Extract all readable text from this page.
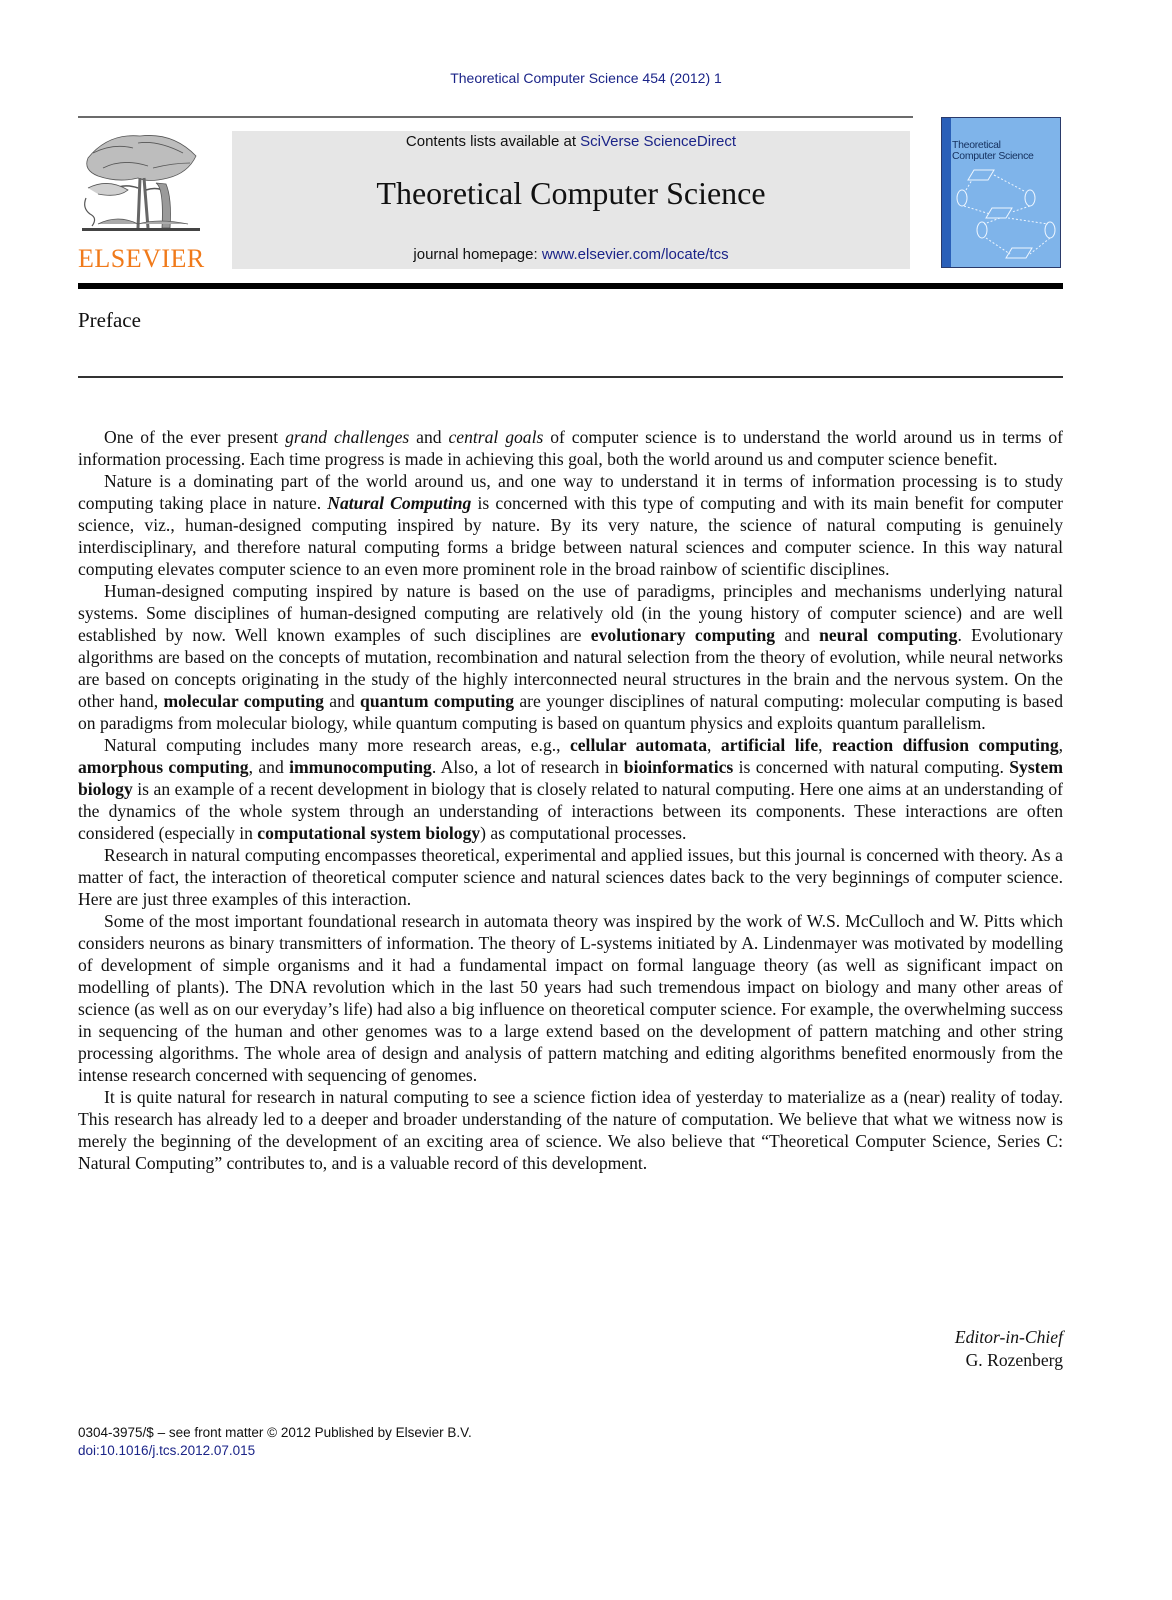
Theoretical Computer Science 454 (2012) 1
ELSEVIER
Contents lists available at SciVerse ScienceDirect
Theoretical Computer Science
journal homepage: www.elsevier.com/locate/tcs
Theoretical
Computer Science
Preface

One of the ever present grand challenges and central goals of computer science is to understand the world around us in terms of information processing. Each time progress is made in achieving this goal, both the world around us and computer science benefit.

Nature is a dominating part of the world around us, and one way to understand it in terms of information processing is to study computing taking place in nature. Natural Computing is concerned with this type of computing and with its main benefit for computer science, viz., human-designed computing inspired by nature. By its very nature, the science of natural computing is genuinely interdisciplinary, and therefore natural computing forms a bridge between natural sciences and computer science. In this way natural computing elevates computer science to an even more prominent role in the broad rainbow of scientific disciplines.

Human-designed computing inspired by nature is based on the use of paradigms, principles and mechanisms underlying natural systems. Some disciplines of human-designed computing are relatively old (in the young history of computer science) and are well established by now. Well known examples of such disciplines are evolutionary computing and neural computing. Evolutionary algorithms are based on the concepts of mutation, recombination and natural selection from the theory of evolution, while neural networks are based on concepts originating in the study of the highly interconnected neural structures in the brain and the nervous system. On the other hand, molecular computing and quantum computing are younger disciplines of natural computing: molecular computing is based on paradigms from molecular biology, while quantum computing is based on quantum physics and exploits quantum parallelism.

Natural computing includes many more research areas, e.g., cellular automata, artificial life, reaction diffusion computing, amorphous computing, and immunocomputing. Also, a lot of research in bioinformatics is concerned with natural computing. System biology is an example of a recent development in biology that is closely related to natural computing. Here one aims at an understanding of the dynamics of the whole system through an understanding of interactions between its components. These interactions are often considered (especially in computational system biology) as computational processes.

Research in natural computing encompasses theoretical, experimental and applied issues, but this journal is concerned with theory. As a matter of fact, the interaction of theoretical computer science and natural sciences dates back to the very beginnings of computer science. Here are just three examples of this interaction.

Some of the most important foundational research in automata theory was inspired by the work of W.S. McCulloch and W. Pitts which considers neurons as binary transmitters of information. The theory of L-systems initiated by A. Lindenmayer was motivated by modelling of development of simple organisms and it had a fundamental impact on formal language theory (as well as significant impact on modelling of plants). The DNA revolution which in the last 50 years had such tremendous impact on biology and many other areas of science (as well as on our everyday’s life) had also a big influence on theoretical computer science. For example, the overwhelming success in sequencing of the human and other genomes was to a large extend based on the development of pattern matching and other string processing algorithms. The whole area of design and analysis of pattern matching and editing algorithms benefited enormously from the intense research concerned with sequencing of genomes.

It is quite natural for research in natural computing to see a science fiction idea of yesterday to materialize as a (near) reality of today. This research has already led to a deeper and broader understanding of the nature of computation. We believe that what we witness now is merely the beginning of the development of an exciting area of science. We also believe that “Theoretical Computer Science, Series C: Natural Computing” contributes to, and is a valuable record of this development.

Editor-in-Chief
G. Rozenberg
0304-3975/$ – see front matter © 2012 Published by Elsevier B.V.
doi:10.1016/j.tcs.2012.07.015
